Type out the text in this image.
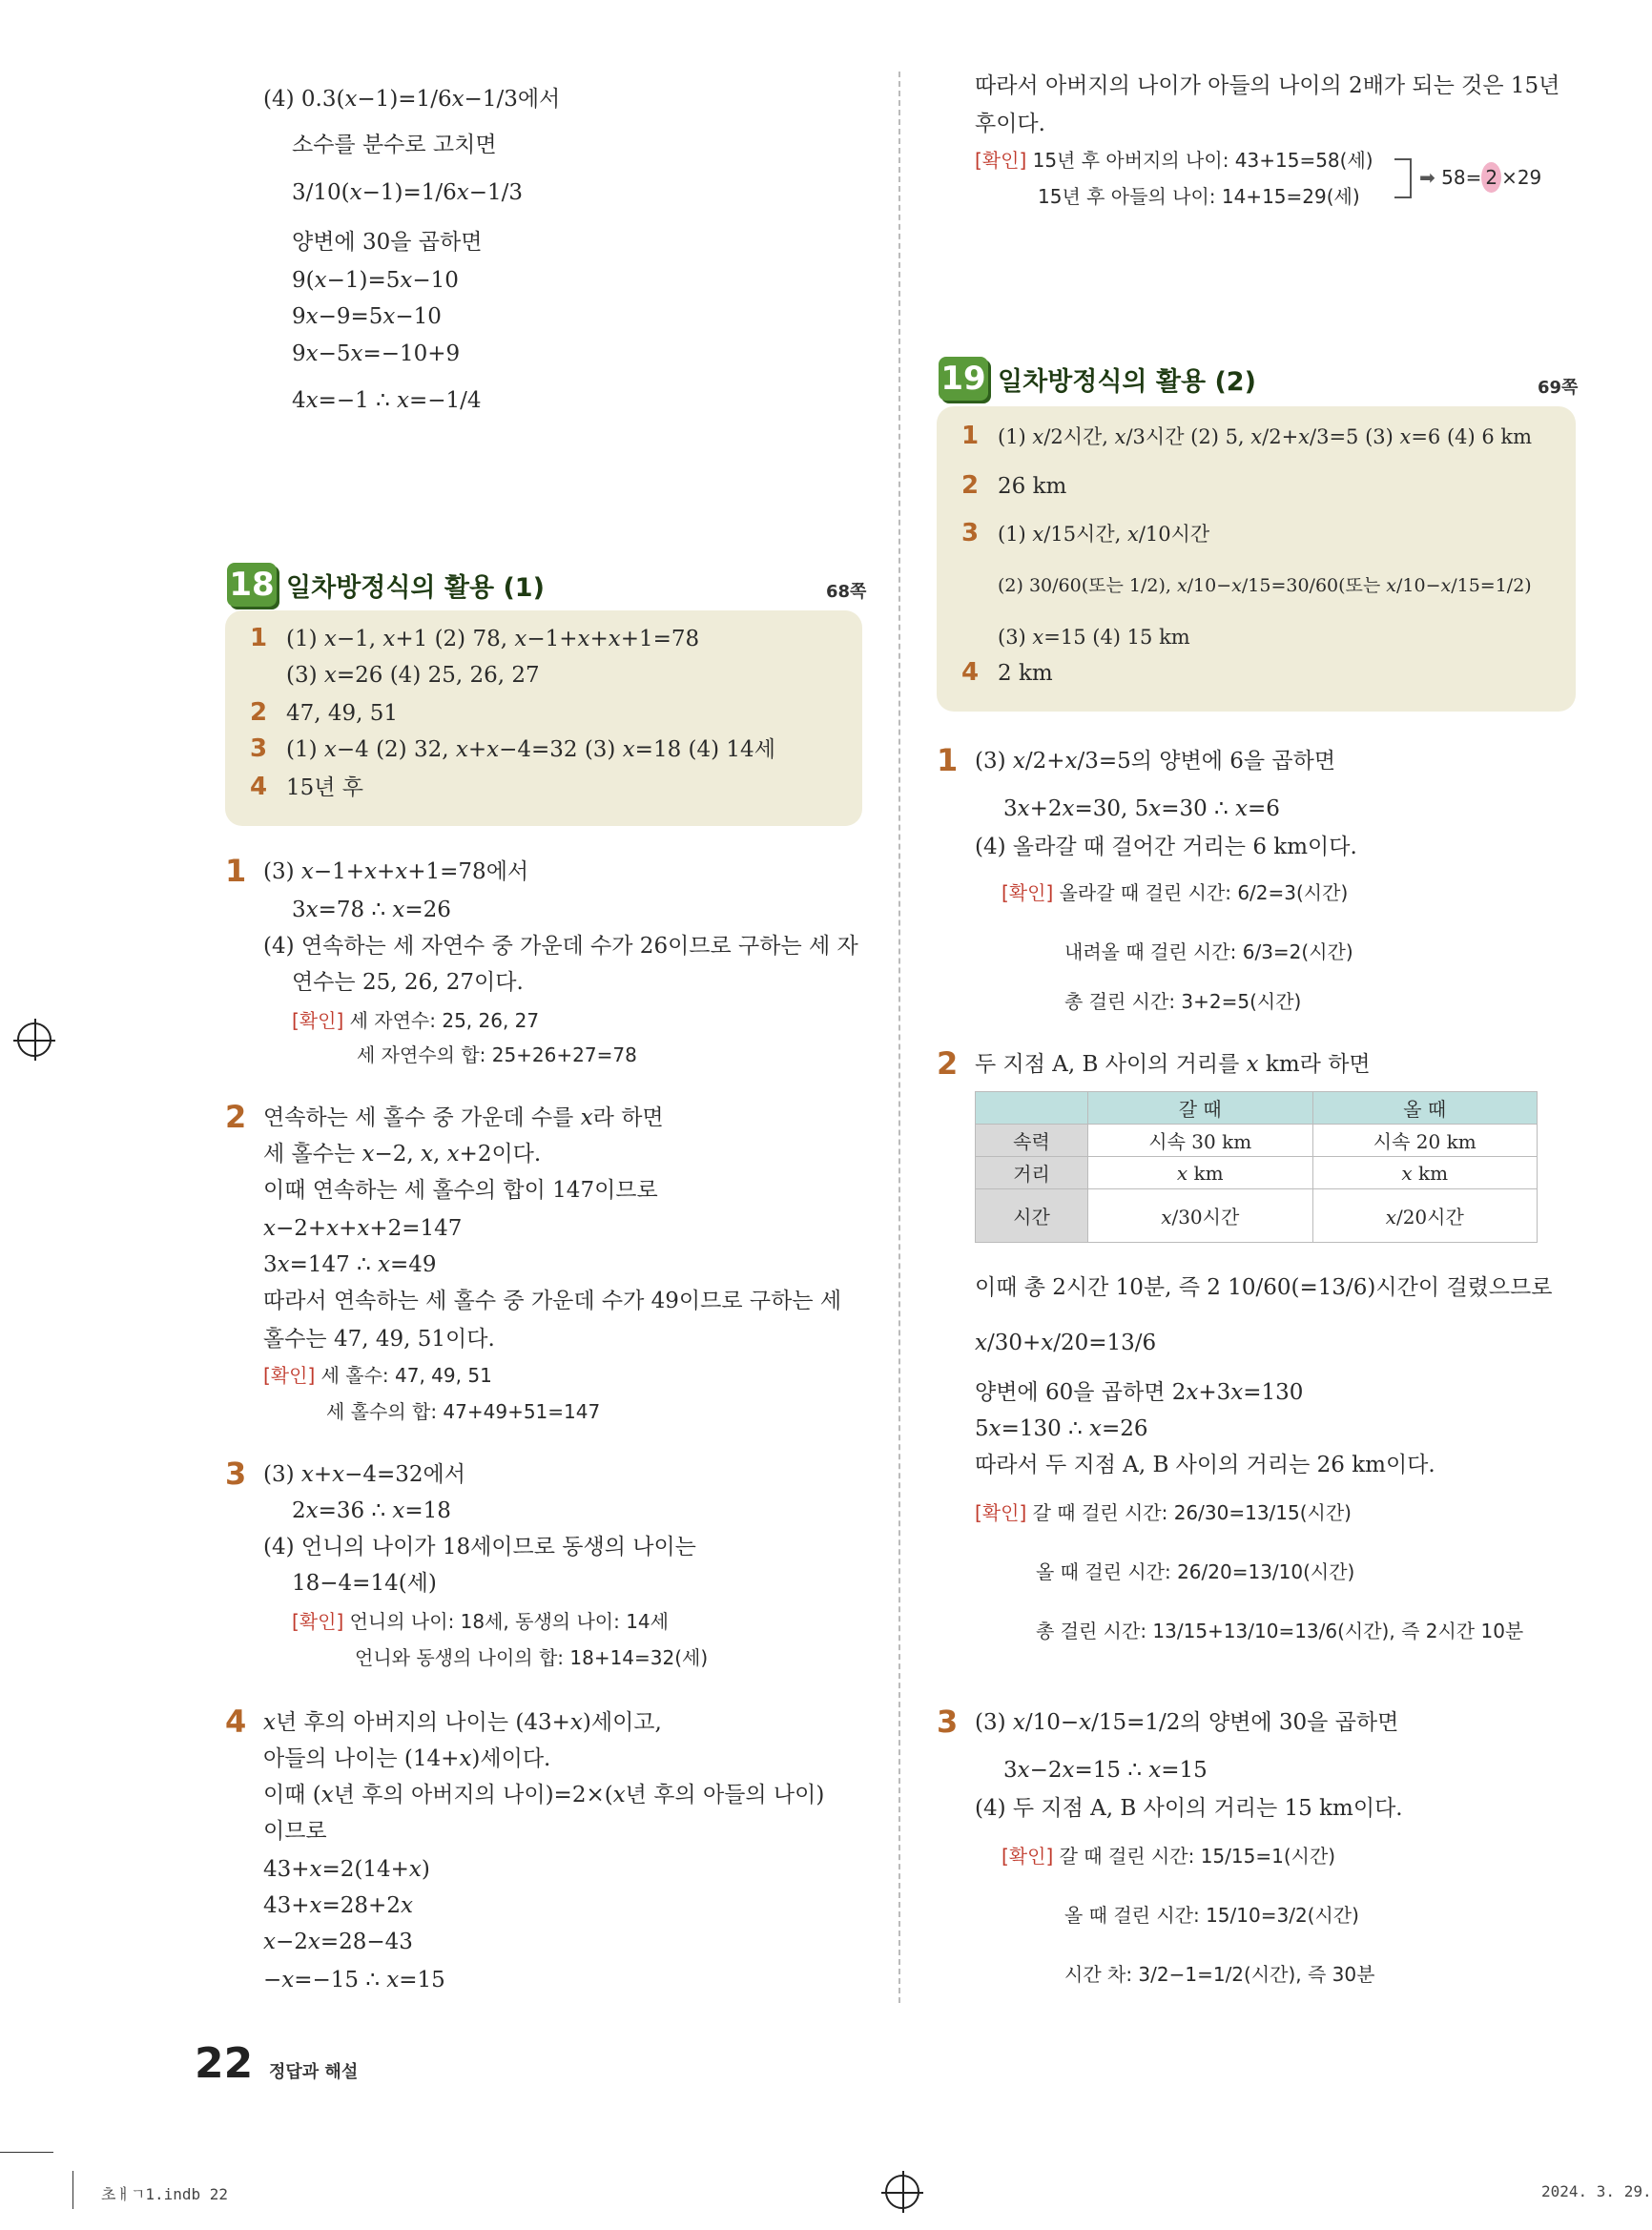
(4) 0.3(𝑥−1)=1/6𝑥−1/3에서
소수를 분수로 고치면
3/10(𝑥−1)=1/6𝑥−1/3
양변에 30을 곱하면
9(𝑥−1)=5𝑥−10
9𝑥−9=5𝑥−10
9𝑥−5𝑥=−10+9
4𝑥=−1 ∴ 𝑥=−1/4
18 일차방정식의 활용 (1)	68쪽
1 (1) 𝑥−1, 𝑥+1 (2) 78, 𝑥−1+𝑥+𝑥+1=78
(3) 𝑥=26 (4) 25, 26, 27
2 47, 49, 51
3 (1) 𝑥−4 (2) 32, 𝑥+𝑥−4=32 (3) 𝑥=18 (4) 14세
4 15년 후
1 (3) 𝑥−1+𝑥+𝑥+1=78에서
3𝑥=78 ∴ 𝑥=26
(4) 연속하는 세 자연수 중 가운데 수가 26이므로 구하는 세 자
연수는 25, 26, 27이다.
[확인] 세 자연수: 25, 26, 27
세 자연수의 합: 25+26+27=78
2 연속하는 세 홀수 중 가운데 수를 𝑥라 하면
세 홀수는 𝑥−2, 𝑥, 𝑥+2이다.
이때 연속하는 세 홀수의 합이 147이므로
𝑥−2+𝑥+𝑥+2=147
3𝑥=147 ∴ 𝑥=49
따라서 연속하는 세 홀수 중 가운데 수가 49이므로 구하는 세
홀수는 47, 49, 51이다.
[확인] 세 홀수: 47, 49, 51
세 홀수의 합: 47+49+51=147
3 (3) 𝑥+𝑥−4=32에서
2𝑥=36 ∴ 𝑥=18
(4) 언니의 나이가 18세이므로 동생의 나이는
18−4=14(세)
[확인] 언니의 나이: 18세, 동생의 나이: 14세
언니와 동생의 나이의 합: 18+14=32(세)
4 𝑥년 후의 아버지의 나이는 (43+𝑥)세이고,
아들의 나이는 (14+𝑥)세이다.
이때 (𝑥년 후의 아버지의 나이)=2×(𝑥년 후의 아들의 나이)
이므로
43+𝑥=2(14+𝑥)
43+𝑥=28+2𝑥
𝑥−2𝑥=28−43
−𝑥=−15 ∴ 𝑥=15
따라서 아버지의 나이가 아들의 나이의 2배가 되는 것은 15년
후이다.
[확인] 15년 후 아버지의 나이: 43+15=58(세)
15년 후 아들의 나이: 14+15=29(세)
➡ 58= 2 ×29
19 일차방정식의 활용 (2)	69쪽
1 (1) 𝑥/2시간, 𝑥/3시간 (2) 5, 𝑥/2+𝑥/3=5 (3) 𝑥=6 (4) 6 km
2 26 km
3 (1) 𝑥/15시간, 𝑥/10시간
(2) 30/60(또는 1/2), 𝑥/10−𝑥/15=30/60(또는 𝑥/10−𝑥/15=1/2)
(3) 𝑥=15 (4) 15 km
4 2 km
1 (3) 𝑥/2+𝑥/3=5의 양변에 6을 곱하면
3𝑥+2𝑥=30, 5𝑥=30 ∴ 𝑥=6
(4) 올라갈 때 걸어간 거리는 6 km이다.
[확인] 올라갈 때 걸린 시간: 6/2=3(시간)
내려올 때 걸린 시간: 6/3=2(시간)
총 걸린 시간: 3+2=5(시간)
2 두 지점 A, B 사이의 거리를 𝑥 km라 하면
	갈 때	올 때
속력	시속 30 km	시속 20 km
거리	𝑥 km	𝑥 km
시간	𝑥/30시간	𝑥/20시간
이때 총 2시간 10분, 즉 2 10/60(=13/6)시간이 걸렸으므로
𝑥/30+𝑥/20=13/6
양변에 60을 곱하면 2𝑥+3𝑥=130
5𝑥=130 ∴ 𝑥=26
따라서 두 지점 A, B 사이의 거리는 26 km이다.
[확인] 갈 때 걸린 시간: 26/30=13/15(시간)
올 때 걸린 시간: 26/20=13/10(시간)
총 걸린 시간: 13/15+13/10=13/6(시간), 즉 2시간 10분
3 (3) 𝑥/10−𝑥/15=1/2의 양변에 30을 곱하면
3𝑥−2𝑥=15 ∴ 𝑥=15
(4) 두 지점 A, B 사이의 거리는 15 km이다.
[확인] 갈 때 걸린 시간: 15/15=1(시간)
올 때 걸린 시간: 15/10=3/2(시간)
시간 차: 3/2−1=1/2(시간), 즉 30분
22 정답과 해설
초ㅐㄱ1.indb 22	2024. 3. 29.
